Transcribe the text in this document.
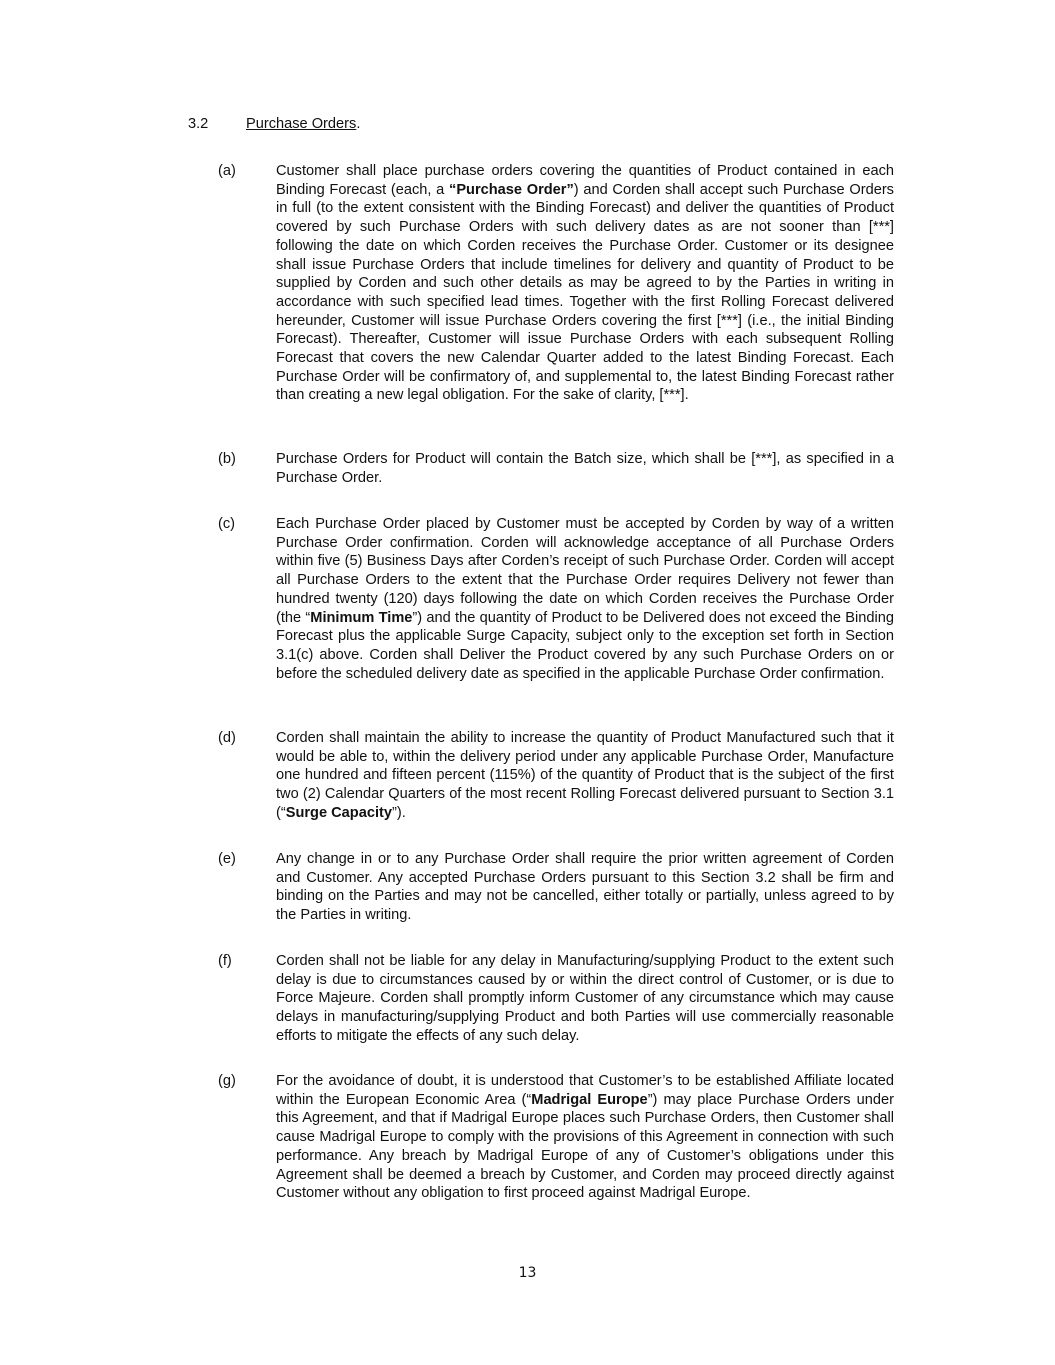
3.2	Purchase Orders.
(a)	Customer shall place purchase orders covering the quantities of Product contained in each Binding Forecast (each, a “Purchase Order”) and Corden shall accept such Purchase Orders in full (to the extent consistent with the Binding Forecast) and deliver the quantities of Product covered by such Purchase Orders with such delivery dates as are not sooner than [***] following the date on which Corden receives the Purchase Order. Customer or its designee shall issue Purchase Orders that include timelines for delivery and quantity of Product to be supplied by Corden and such other details as may be agreed to by the Parties in writing in accordance with such specified lead times. Together with the first Rolling Forecast delivered hereunder, Customer will issue Purchase Orders covering the first [***] (i.e., the initial Binding Forecast). Thereafter, Customer will issue Purchase Orders with each subsequent Rolling Forecast that covers the new Calendar Quarter added to the latest Binding Forecast. Each Purchase Order will be confirmatory of, and supplemental to, the latest Binding Forecast rather than creating a new legal obligation. For the sake of clarity, [***].
(b)	Purchase Orders for Product will contain the Batch size, which shall be [***], as specified in a Purchase Order.
(c)	Each Purchase Order placed by Customer must be accepted by Corden by way of a written Purchase Order confirmation. Corden will acknowledge acceptance of all Purchase Orders within five (5) Business Days after Corden’s receipt of such Purchase Order. Corden will accept all Purchase Orders to the extent that the Purchase Order requires Delivery not fewer than hundred twenty (120) days following the date on which Corden receives the Purchase Order (the “Minimum Time”) and the quantity of Product to be Delivered does not exceed the Binding Forecast plus the applicable Surge Capacity, subject only to the exception set forth in Section 3.1(c) above. Corden shall Deliver the Product covered by any such Purchase Orders on or before the scheduled delivery date as specified in the applicable Purchase Order confirmation.
(d)	Corden shall maintain the ability to increase the quantity of Product Manufactured such that it would be able to, within the delivery period under any applicable Purchase Order, Manufacture one hundred and fifteen percent (115%) of the quantity of Product that is the subject of the first two (2) Calendar Quarters of the most recent Rolling Forecast delivered pursuant to Section 3.1 (“Surge Capacity”).
(e)	Any change in or to any Purchase Order shall require the prior written agreement of Corden and Customer. Any accepted Purchase Orders pursuant to this Section 3.2 shall be firm and binding on the Parties and may not be cancelled, either totally or partially, unless agreed to by the Parties in writing.
(f)	Corden shall not be liable for any delay in Manufacturing/supplying Product to the extent such delay is due to circumstances caused by or within the direct control of Customer, or is due to Force Majeure. Corden shall promptly inform Customer of any circumstance which may cause delays in manufacturing/supplying Product and both Parties will use commercially reasonable efforts to mitigate the effects of any such delay.
(g)	For the avoidance of doubt, it is understood that Customer’s to be established Affiliate located within the European Economic Area (“Madrigal Europe”) may place Purchase Orders under this Agreement, and that if Madrigal Europe places such Purchase Orders, then Customer shall cause Madrigal Europe to comply with the provisions of this Agreement in connection with such performance. Any breach by Madrigal Europe of any of Customer’s obligations under this Agreement shall be deemed a breach by Customer, and Corden may proceed directly against Customer without any obligation to first proceed against Madrigal Europe.
13
